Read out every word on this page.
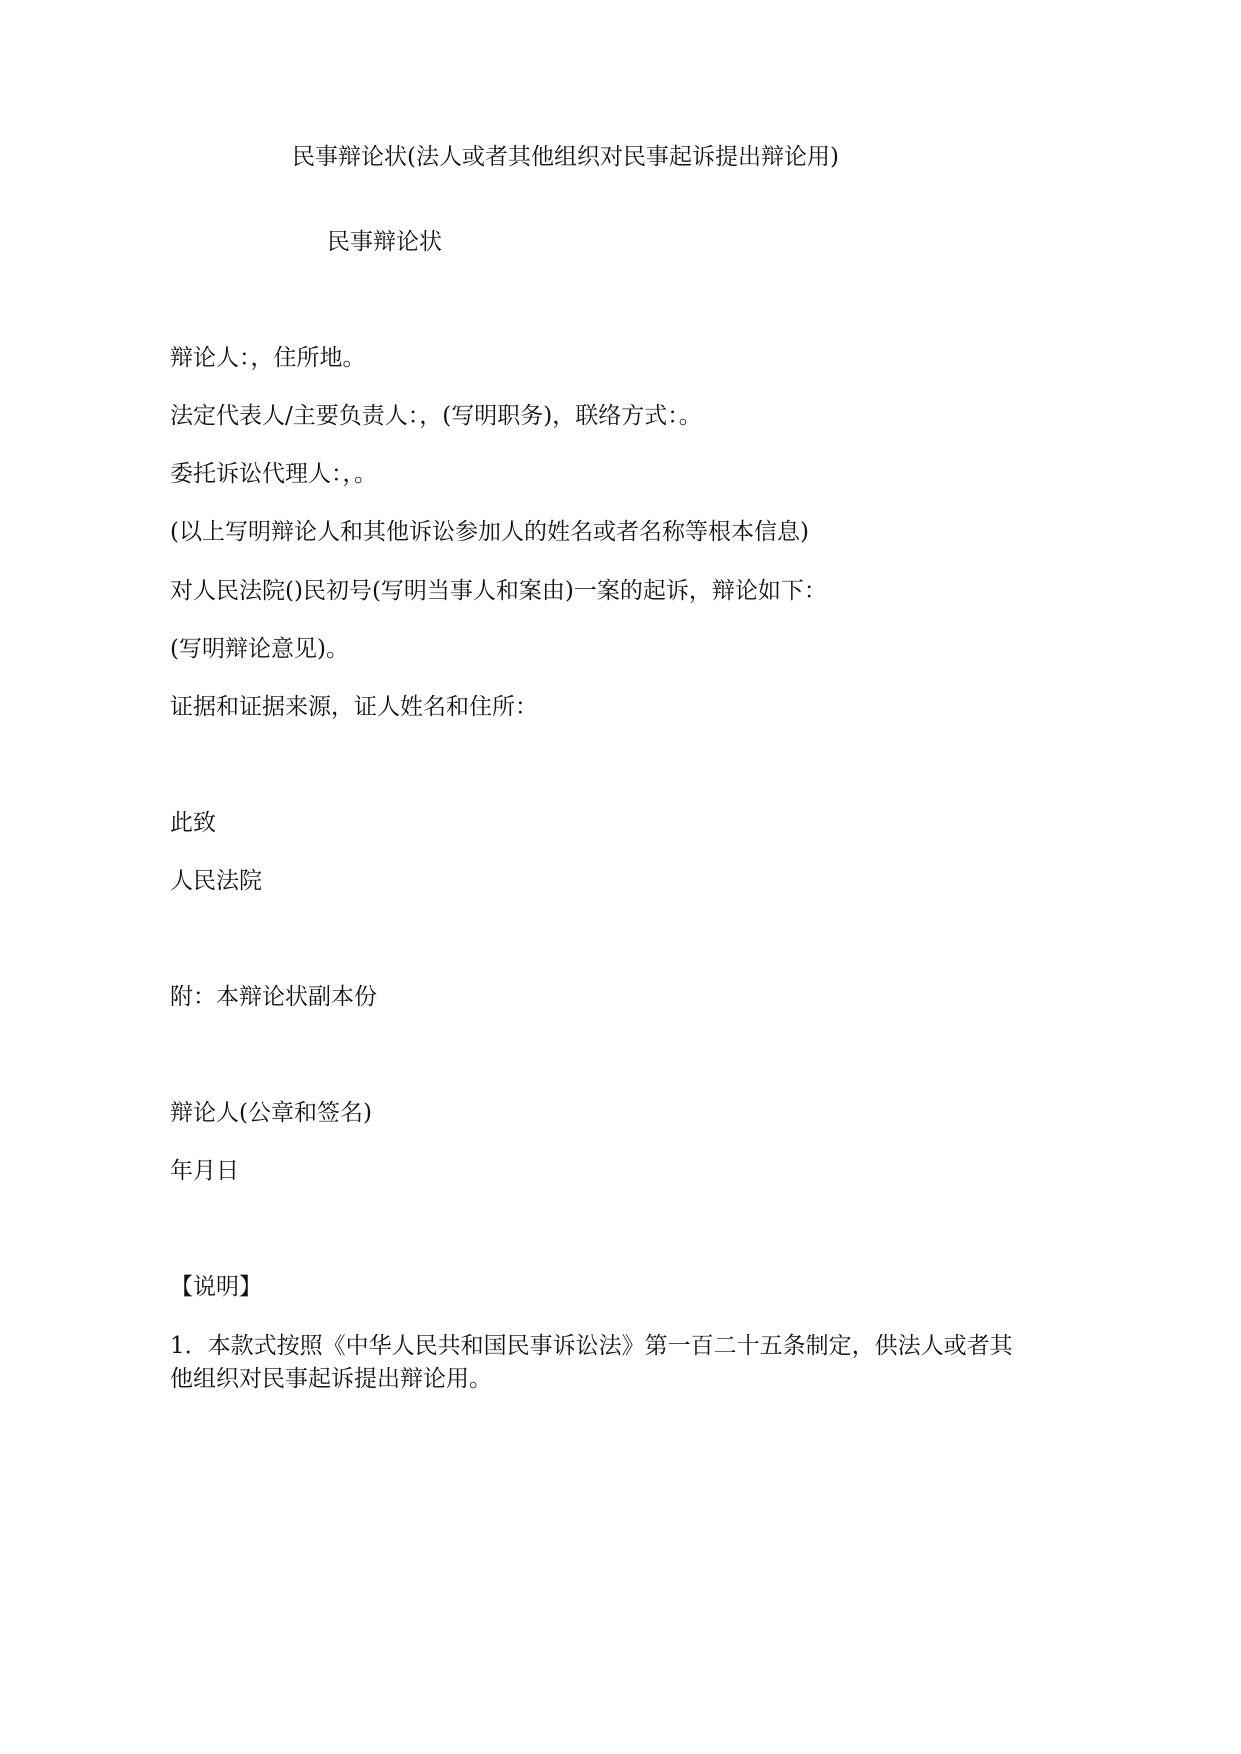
民事辩论状(法人或者其他组织对民事起诉提出辩论用)
民事辩论状
辩论人：，住所地。
法定代表人/主要负责人：，(写明职务)，联络方式：。
委托诉讼代理人：，。
(以上写明辩论人和其他诉讼参加人的姓名或者名称等根本信息)
对人民法院()民初号(写明当事人和案由)一案的起诉，辩论如下：
(写明辩论意见)。
证据和证据来源，证人姓名和住所：
此致
人民法院
附：本辩论状副本份
辩论人(公章和签名)
年月日
【说明】
1．本款式按照《中华人民共和国民事诉讼法》第一百二十五条制定，供法人或者其他组织对民事起诉提出辩论用。
